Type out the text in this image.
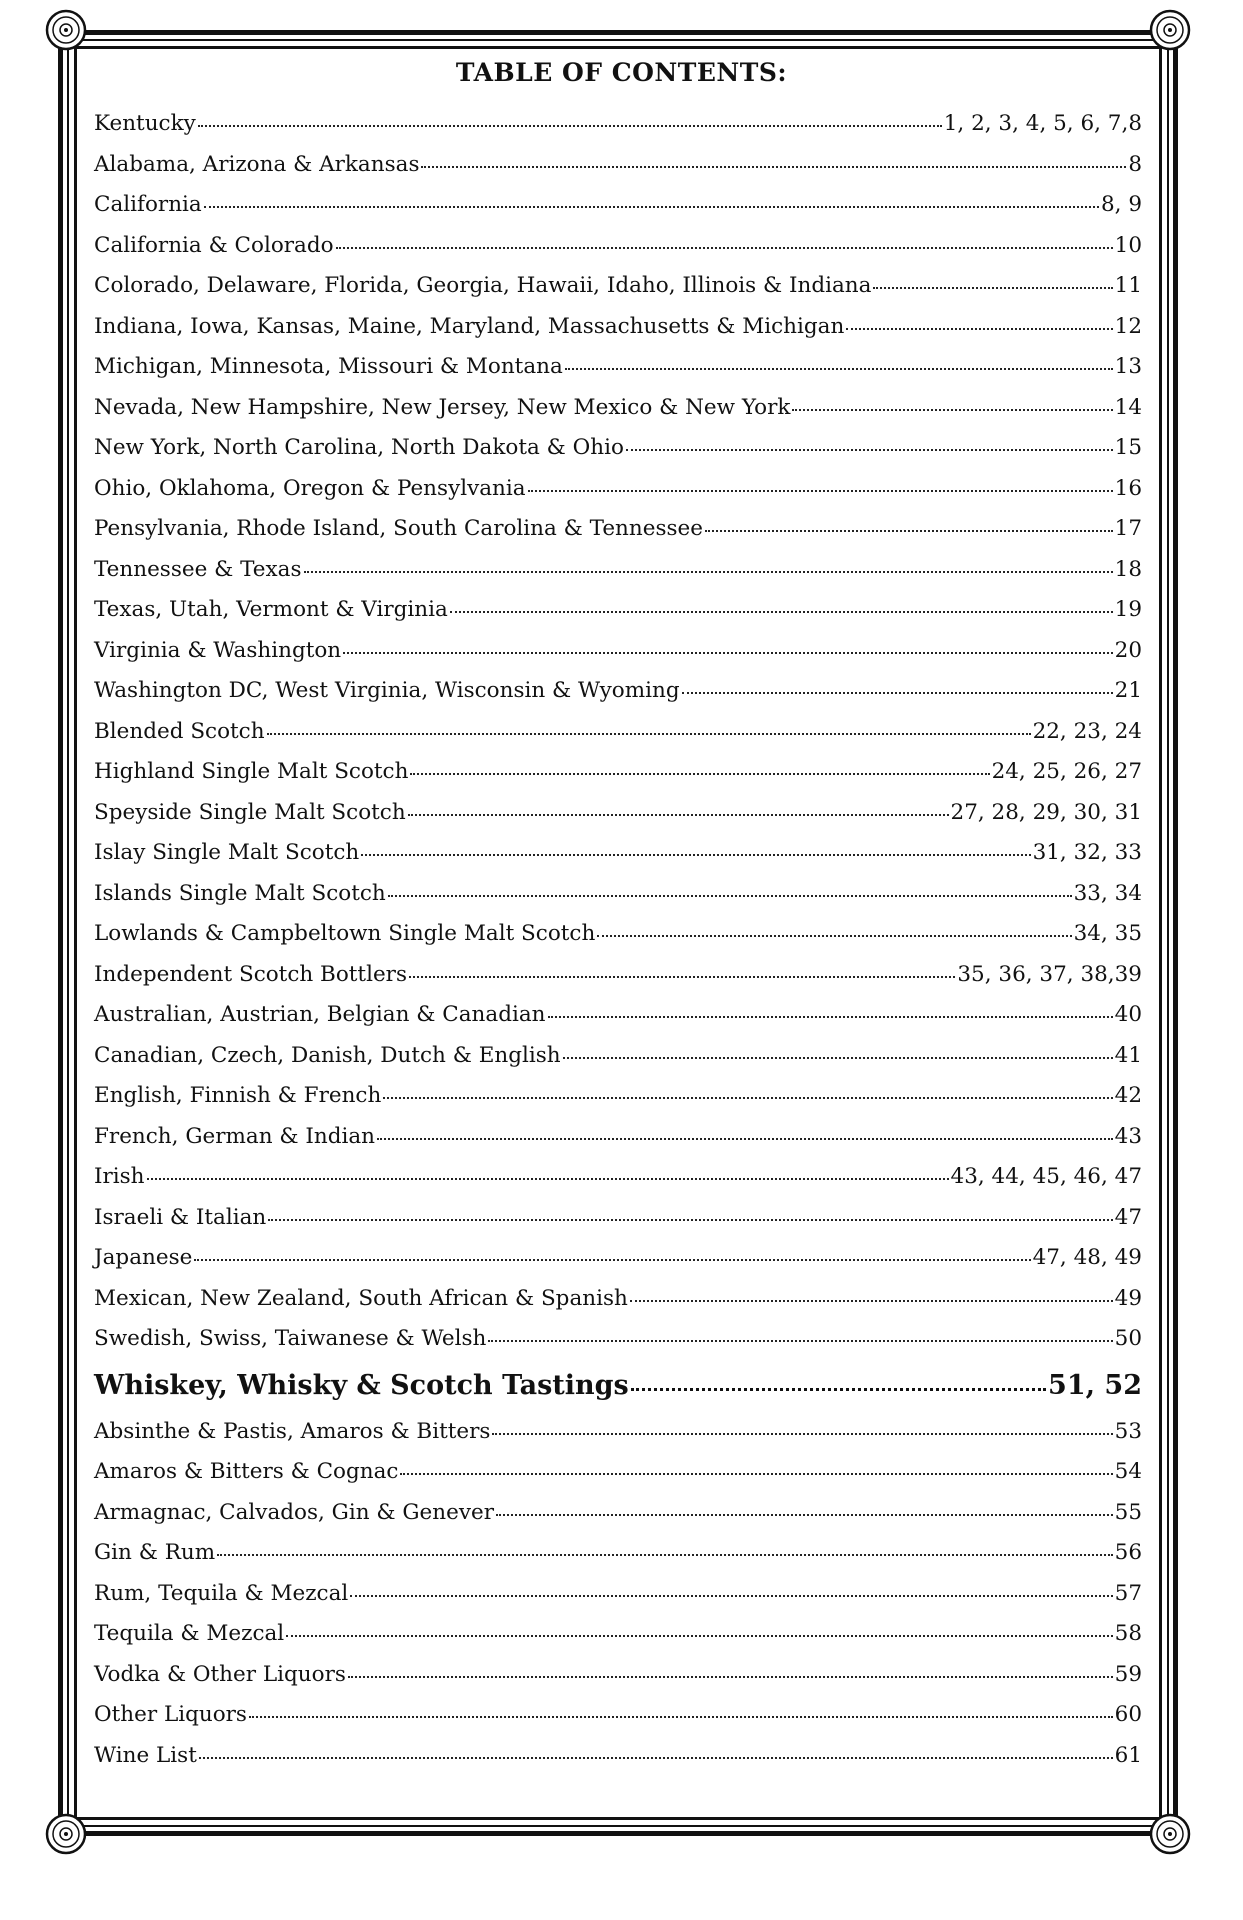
TABLE OF CONTENTS:
Kentucky	1, 2, 3, 4, 5, 6, 7,8
Alabama, Arizona & Arkansas	8
California	8, 9
California & Colorado	10
Colorado, Delaware, Florida, Georgia, Hawaii, Idaho, Illinois & Indiana	11
Indiana, Iowa, Kansas, Maine, Maryland, Massachusetts & Michigan	12
Michigan, Minnesota, Missouri & Montana	13
Nevada, New Hampshire, New Jersey, New Mexico & New York	14
New York, North Carolina, North Dakota & Ohio	15
Ohio, Oklahoma, Oregon & Pensylvania	16
Pensylvania, Rhode Island, South Carolina & Tennessee	17
Tennessee & Texas	18
Texas, Utah, Vermont & Virginia	19
Virginia & Washington	20
Washington DC, West Virginia, Wisconsin & Wyoming	21
Blended Scotch	22, 23, 24
Highland Single Malt Scotch	24, 25, 26, 27
Speyside Single Malt Scotch	27, 28, 29, 30, 31
Islay Single Malt Scotch	31, 32, 33
Islands Single Malt Scotch	33, 34
Lowlands & Campbeltown Single Malt Scotch	34, 35
Independent Scotch Bottlers	35, 36, 37, 38,39
Australian, Austrian, Belgian & Canadian	40
Canadian, Czech, Danish, Dutch & English	41
English, Finnish & French	42
French, German & Indian	43
Irish	43, 44, 45, 46, 47
Israeli & Italian	47
Japanese	47, 48, 49
Mexican, New Zealand, South African & Spanish	49
Swedish, Swiss, Taiwanese & Welsh	50
Whiskey, Whisky & Scotch Tastings	51, 52
Absinthe & Pastis, Amaros & Bitters	53
Amaros & Bitters & Cognac	54
Armagnac, Calvados, Gin & Genever	55
Gin & Rum	56
Rum, Tequila & Mezcal	57
Tequila & Mezcal	58
Vodka & Other Liquors	59
Other Liquors	60
Wine List	61
